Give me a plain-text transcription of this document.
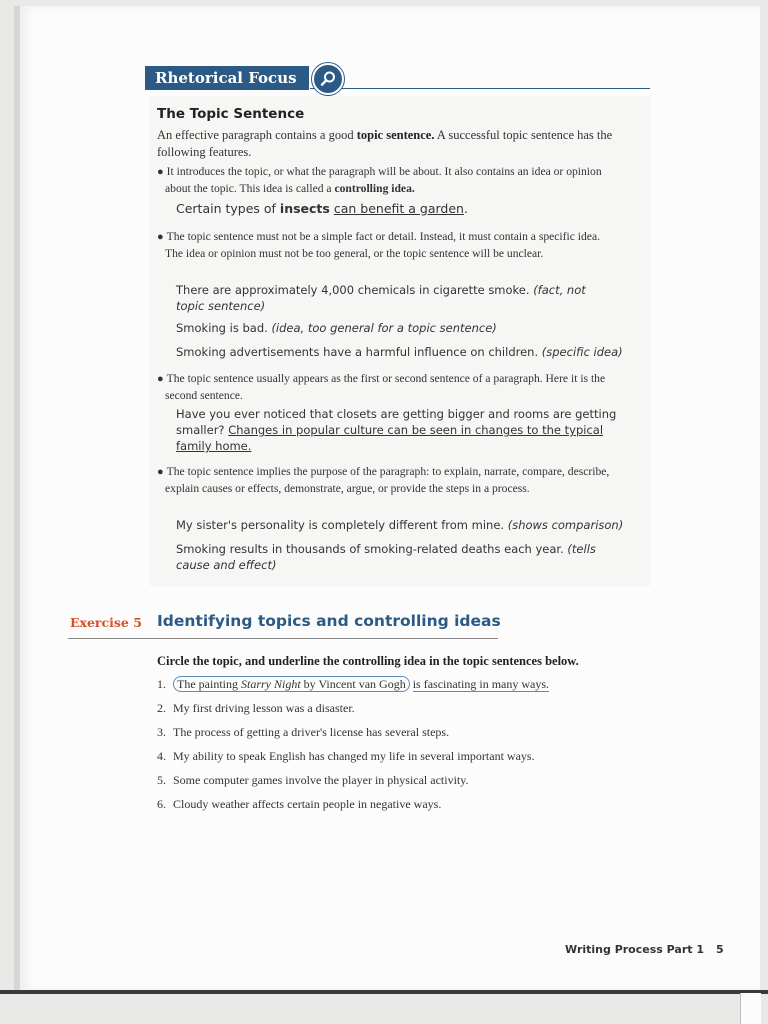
Rhetorical Focus
The Topic Sentence
An effective paragraph contains a good topic sentence. A successful topic sentence has the following features.
● It introduces the topic, or what the paragraph will be about. It also contains an idea or opinion about the topic. This idea is called a controlling idea.
Certain types of insects can benefit a garden.
● The topic sentence must not be a simple fact or detail. Instead, it must contain a specific idea. The idea or opinion must not be too general, or the topic sentence will be unclear.
There are approximately 4,000 chemicals in cigarette smoke. (fact, not topic sentence)
Smoking is bad. (idea, too general for a topic sentence)
Smoking advertisements have a harmful influence on children. (specific idea)
● The topic sentence usually appears as the first or second sentence of a paragraph. Here it is the second sentence.
Have you ever noticed that closets are getting bigger and rooms are getting smaller? Changes in popular culture can be seen in changes to the typical family home.
● The topic sentence implies the purpose of the paragraph: to explain, narrate, compare, describe, explain causes or effects, demonstrate, argue, or provide the steps in a process.
My sister's personality is completely different from mine. (shows comparison)
Smoking results in thousands of smoking-related deaths each year. (tells cause and effect)
Exercise 5 Identifying topics and controlling ideas
Circle the topic, and underline the controlling idea in the topic sentences below.
1. The painting Starry Night by Vincent van Gogh is fascinating in many ways.
2. My first driving lesson was a disaster.
3. The process of getting a driver's license has several steps.
4. My ability to speak English has changed my life in several important ways.
5. Some computer games involve the player in physical activity.
6. Cloudy weather affects certain people in negative ways.
Writing Process Part 1 5
